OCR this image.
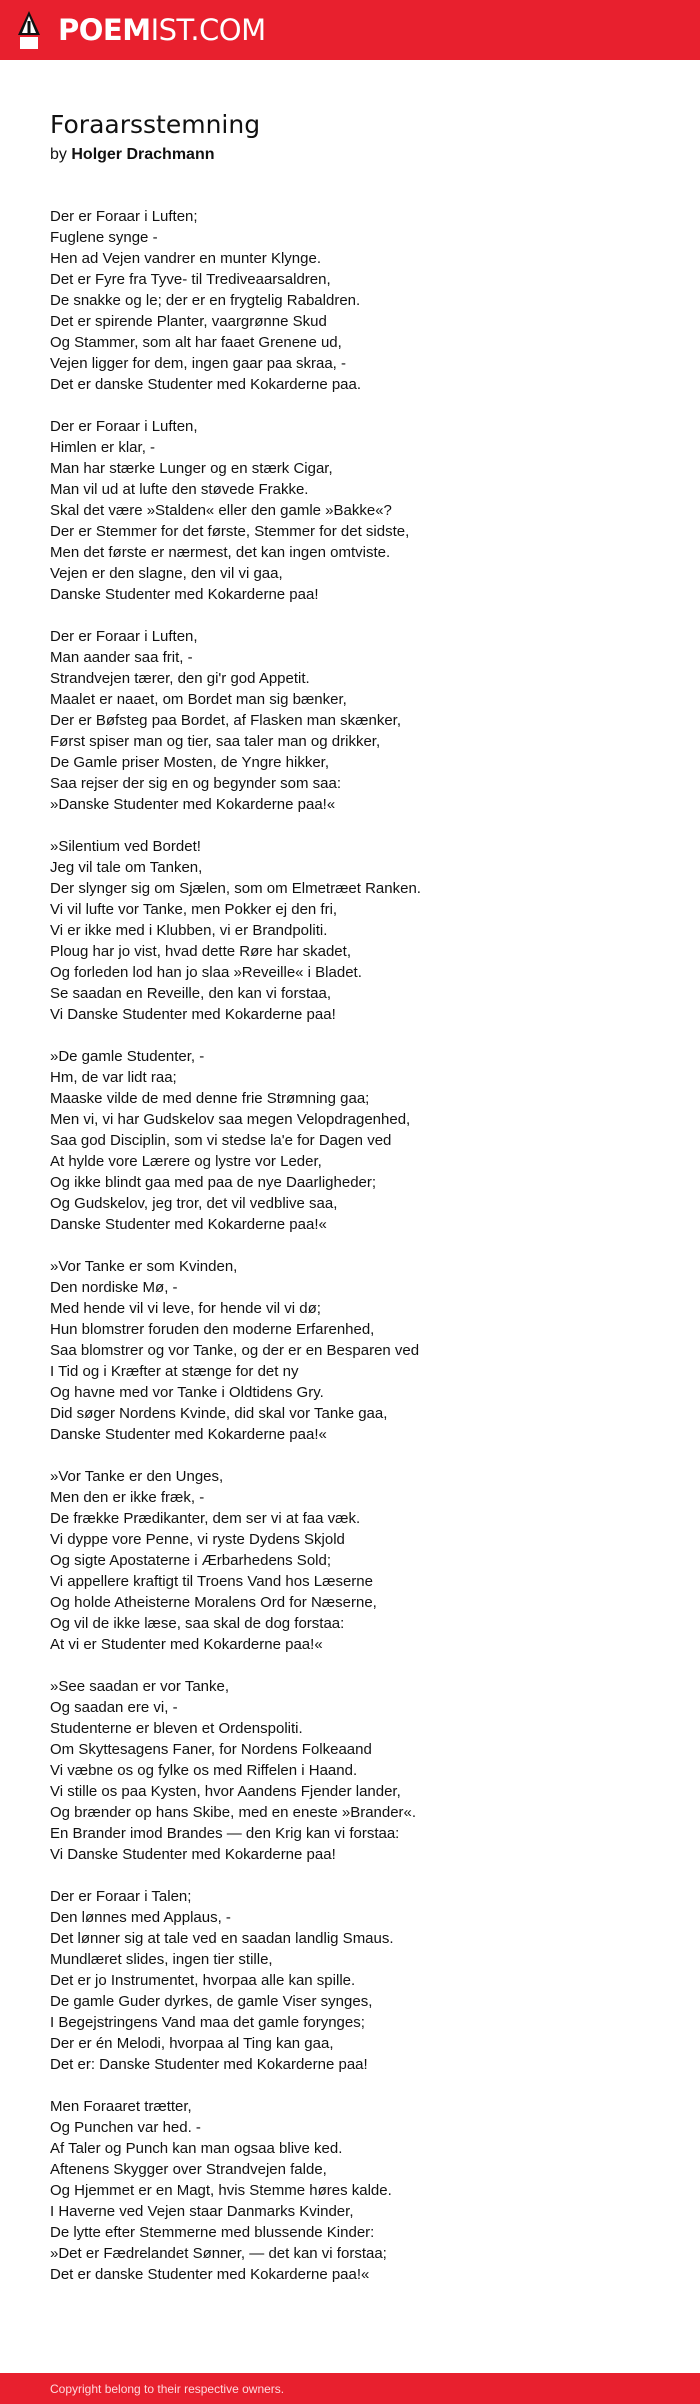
POEMIST.COM
Foraarsstemning
by Holger Drachmann
Der er Foraar i Luften;
Fuglene synge -
Hen ad Vejen vandrer en munter Klynge.
Det er Fyre fra Tyve- til Trediveaarsaldren,
De snakke og le; der er en frygtelig Rabaldren.
Det er spirende Planter, vaargrønne Skud
Og Stammer, som alt har faaet Grenene ud,
Vejen ligger for dem, ingen gaar paa skraa, -
Det er danske Studenter med Kokarderne paa.
Der er Foraar i Luften,
Himlen er klar, -
Man har stærke Lunger og en stærk Cigar,
Man vil ud at lufte den støvede Frakke.
Skal det være »Stalden« eller den gamle »Bakke«?
Der er Stemmer for det første, Stemmer for det sidste,
Men det første er nærmest, det kan ingen omtviste.
Vejen er den slagne, den vil vi gaa,
Danske Studenter med Kokarderne paa!
Der er Foraar i Luften,
Man aander saa frit, -
Strandvejen tærer, den gi'r god Appetit.
Maalet er naaet, om Bordet man sig bænker,
Der er Bøfsteg paa Bordet, af Flasken man skænker,
Først spiser man og tier, saa taler man og drikker,
De Gamle priser Mosten, de Yngre hikker,
Saa rejser der sig en og begynder som saa:
»Danske Studenter med Kokarderne paa!«
»Silentium ved Bordet!
Jeg vil tale om Tanken,
Der slynger sig om Sjælen, som om Elmetræet Ranken.
Vi vil lufte vor Tanke, men Pokker ej den fri,
Vi er ikke med i Klubben, vi er Brandpoliti.
Ploug har jo vist, hvad dette Røre har skadet,
Og forleden lod han jo slaa »Reveille« i Bladet.
Se saadan en Reveille, den kan vi forstaa,
Vi Danske Studenter med Kokarderne paa!
»De gamle Studenter, -
Hm, de var lidt raa;
Maaske vilde de med denne frie Strømning gaa;
Men vi, vi har Gudskelov saa megen Velopdragenhed,
Saa god Disciplin, som vi stedse la'e for Dagen ved
At hylde vore Lærere og lystre vor Leder,
Og ikke blindt gaa med paa de nye Daarligheder;
Og Gudskelov, jeg tror, det vil vedblive saa,
Danske Studenter med Kokarderne paa!«
»Vor Tanke er som Kvinden,
Den nordiske Mø, -
Med hende vil vi leve, for hende vil vi dø;
Hun blomstrer foruden den moderne Erfarenhed,
Saa blomstrer og vor Tanke, og der er en Besparen ved
I Tid og i Kræfter at stænge for det ny
Og havne med vor Tanke i Oldtidens Gry.
Did søger Nordens Kvinde, did skal vor Tanke gaa,
Danske Studenter med Kokarderne paa!«
»Vor Tanke er den Unges,
Men den er ikke fræk, -
De frække Prædikanter, dem ser vi at faa væk.
Vi dyppe vore Penne, vi ryste Dydens Skjold
Og sigte Apostaterne i Ærbarhedens Sold;
Vi appellere kraftigt til Troens Vand hos Læserne
Og holde Atheisterne Moralens Ord for Næserne,
Og vil de ikke læse, saa skal de dog forstaa:
At vi er Studenter med Kokarderne paa!«
»See saadan er vor Tanke,
Og saadan ere vi, -
Studenterne er bleven et Ordenspoliti.
Om Skyttesagens Faner, for Nordens Folkeaand
Vi væbne os og fylke os med Riffelen i Haand.
Vi stille os paa Kysten, hvor Aandens Fjender lander,
Og brænder op hans Skibe, med en eneste »Brander«.
En Brander imod Brandes — den Krig kan vi forstaa:
Vi Danske Studenter med Kokarderne paa!
Der er Foraar i Talen;
Den lønnes med Applaus, -
Det lønner sig at tale ved en saadan landlig Smaus.
Mundlæret slides, ingen tier stille,
Det er jo Instrumentet, hvorpaa alle kan spille.
De gamle Guder dyrkes, de gamle Viser synges,
I Begejstringens Vand maa det gamle forynges;
Der er én Melodi, hvorpaa al Ting kan gaa,
Det er: Danske Studenter med Kokarderne paa!
Men Foraaret trætter,
Og Punchen var hed. -
Af Taler og Punch kan man ogsaa blive ked.
Aftenens Skygger over Strandvejen falde,
Og Hjemmet er en Magt, hvis Stemme høres kalde.
I Haverne ved Vejen staar Danmarks Kvinder,
De lytte efter Stemmerne med blussende Kinder:
»Det er Fædrelandet Sønner, — det kan vi forstaa;
Det er danske Studenter med Kokarderne paa!«
Copyright belong to their respective owners.
